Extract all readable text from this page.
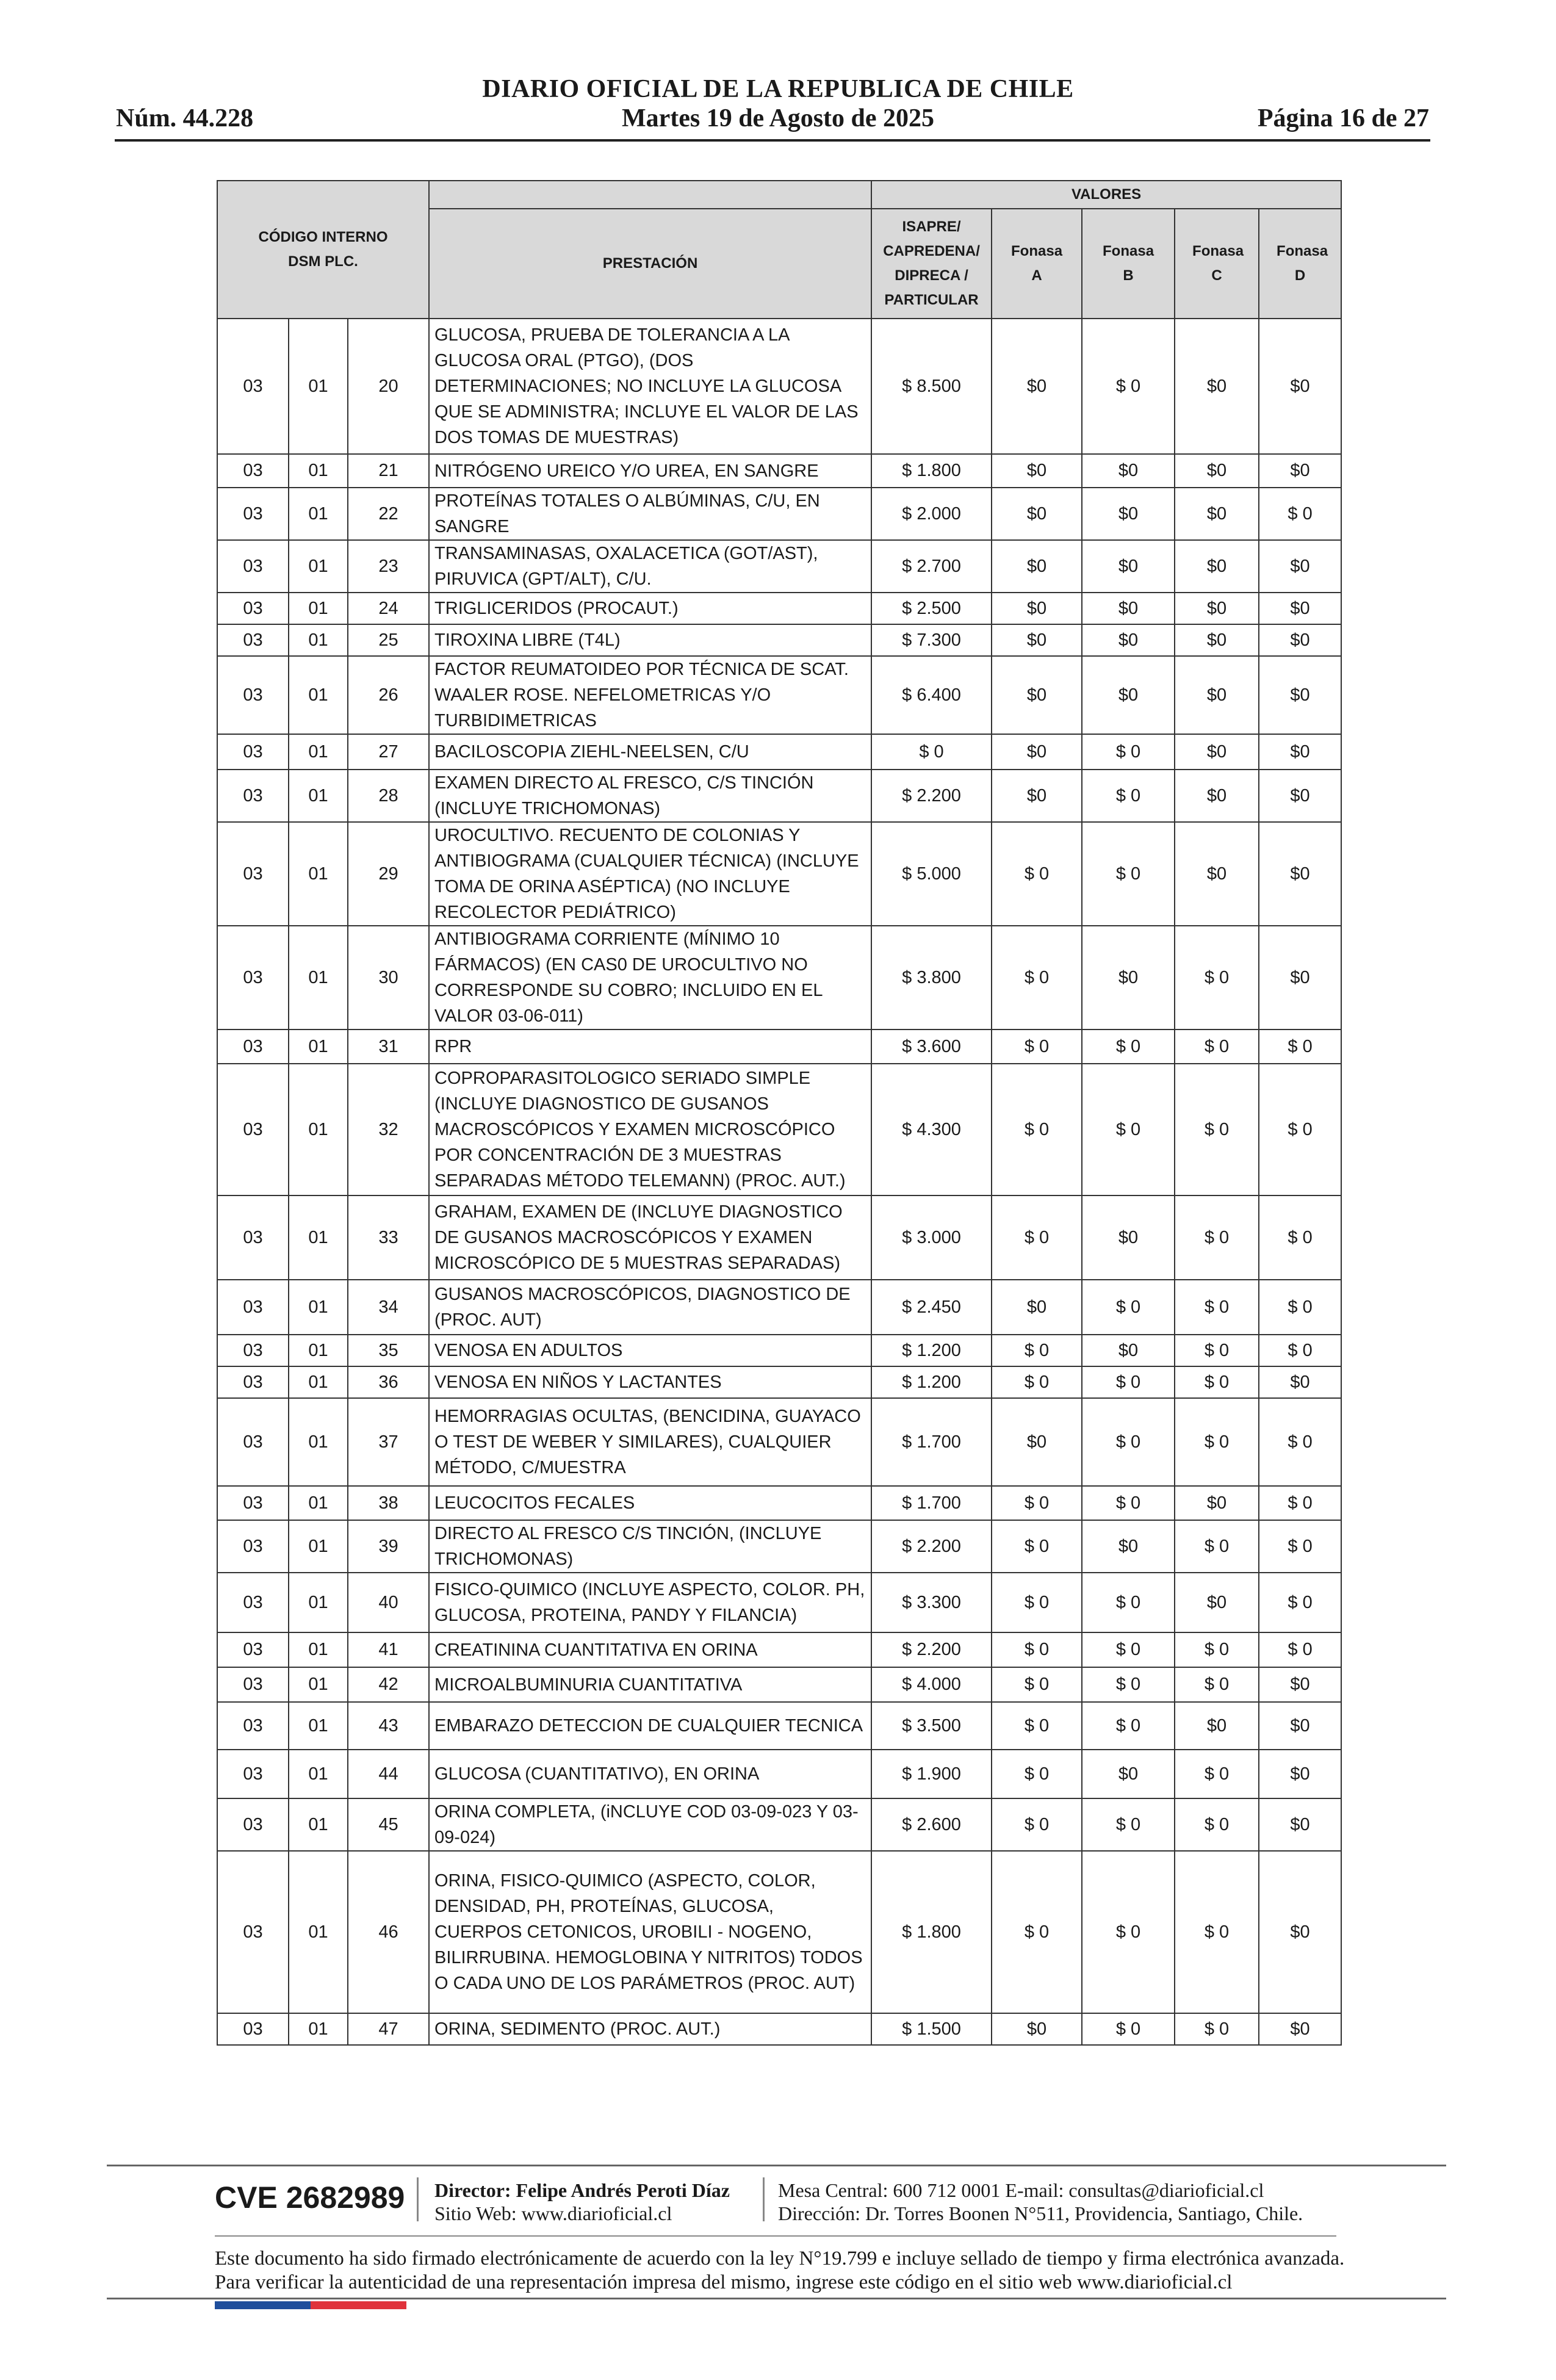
DIARIO OFICIAL DE LA REPUBLICA DE CHILE
Núm. 44.228	Martes 19 de Agosto de 2025	Página 16 de 27
CÓDIGO INTERNO DSM PLC.				VALORES				
			PRESTACIÓN	ISAPRE/ CAPREDENA/ DIPRECA / PARTICULAR	Fonasa A	Fonasa B	Fonasa C	Fonasa D
03	01	20	GLUCOSA, PRUEBA DE TOLERANCIA A LA GLUCOSA ORAL (PTGO), (DOS DETERMINACIONES; NO INCLUYE LA GLUCOSA QUE SE ADMINISTRA; INCLUYE EL VALOR DE LAS DOS TOMAS DE MUESTRAS)	$ 8.500	$0	$ 0	$0	$0
03	01	21	NITRÓGENO UREICO Y/O UREA, EN SANGRE	$ 1.800	$0	$0	$0	$0
03	01	22	PROTEÍNAS TOTALES O ALBÚMINAS, C/U, EN SANGRE	$ 2.000	$0	$0	$0	$ 0
03	01	23	TRANSAMINASAS, OXALACETICA (GOT/AST), PIRUVICA (GPT/ALT), C/U.	$ 2.700	$0	$0	$0	$0
03	01	24	TRIGLICERIDOS (PROCAUT.)	$ 2.500	$0	$0	$0	$0
03	01	25	TIROXINA LIBRE (T4L)	$ 7.300	$0	$0	$0	$0
03	01	26	FACTOR REUMATOIDEO POR TÉCNICA DE SCAT. WAALER ROSE. NEFELOMETRICAS Y/O TURBIDIMETRICAS	$ 6.400	$0	$0	$0	$0
03	01	27	BACILOSCOPIA ZIEHL-NEELSEN, C/U	$ 0	$0	$ 0	$0	$0
03	01	28	EXAMEN DIRECTO AL FRESCO, C/S TINCIÓN (INCLUYE TRICHOMONAS)	$ 2.200	$0	$ 0	$0	$0
03	01	29	UROCULTIVO. RECUENTO DE COLONIAS Y ANTIBIOGRAMA (CUALQUIER TÉCNICA) (INCLUYE TOMA DE ORINA ASÉPTICA) (NO INCLUYE RECOLECTOR PEDIÁTRICO)	$ 5.000	$ 0	$ 0	$0	$0
03	01	30	ANTIBIOGRAMA CORRIENTE (MÍNIMO 10 FÁRMACOS) (EN CAS0 DE UROCULTIVO NO CORRESPONDE SU COBRO; INCLUIDO EN EL VALOR 03-06-011)	$ 3.800	$ 0	$0	$ 0	$0
03	01	31	RPR	$ 3.600	$ 0	$ 0	$ 0	$ 0
03	01	32	COPROPARASITOLOGICO SERIADO SIMPLE (INCLUYE DIAGNOSTICO DE GUSANOS MACROSCÓPICOS Y EXAMEN MICROSCÓPICO POR CONCENTRACIÓN DE 3 MUESTRAS SEPARADAS MÉTODO TELEMANN) (PROC. AUT.)	$ 4.300	$ 0	$ 0	$ 0	$ 0
03	01	33	GRAHAM, EXAMEN DE (INCLUYE DIAGNOSTICO DE GUSANOS MACROSCÓPICOS Y EXAMEN MICROSCÓPICO DE 5 MUESTRAS SEPARADAS)	$ 3.000	$ 0	$0	$ 0	$ 0
03	01	34	GUSANOS MACROSCÓPICOS, DIAGNOSTICO DE (PROC. AUT)	$ 2.450	$0	$ 0	$ 0	$ 0
03	01	35	VENOSA EN ADULTOS	$ 1.200	$ 0	$0	$ 0	$ 0
03	01	36	VENOSA EN NIÑOS Y LACTANTES	$ 1.200	$ 0	$ 0	$ 0	$0
03	01	37	HEMORRAGIAS OCULTAS, (BENCIDINA, GUAYACO O TEST DE WEBER Y SIMILARES), CUALQUIER MÉTODO, C/MUESTRA	$ 1.700	$0	$ 0	$ 0	$ 0
03	01	38	LEUCOCITOS FECALES	$ 1.700	$ 0	$ 0	$0	$ 0
03	01	39	DIRECTO AL FRESCO C/S TINCIÓN, (INCLUYE TRICHOMONAS)	$ 2.200	$ 0	$0	$ 0	$ 0
03	01	40	FISICO-QUIMICO (INCLUYE ASPECTO, COLOR. PH, GLUCOSA, PROTEINA, PANDY Y FILANCIA)	$ 3.300	$ 0	$ 0	$0	$ 0
03	01	41	CREATININA CUANTITATIVA EN ORINA	$ 2.200	$ 0	$ 0	$ 0	$ 0
03	01	42	MICROALBUMINURIA CUANTITATIVA	$ 4.000	$ 0	$ 0	$ 0	$0
03	01	43	EMBARAZO DETECCION DE CUALQUIER TECNICA	$ 3.500	$ 0	$ 0	$0	$0
03	01	44	GLUCOSA (CUANTITATIVO), EN ORINA	$ 1.900	$ 0	$0	$ 0	$0
03	01	45	ORINA COMPLETA, (iNCLUYE COD 03-09-023 Y 03-09-024)	$ 2.600	$ 0	$ 0	$ 0	$0
03	01	46	ORINA, FISICO-QUIMICO (ASPECTO, COLOR, DENSIDAD, PH, PROTEÍNAS, GLUCOSA, CUERPOS CETONICOS, UROBILI - NOGENO, BILIRRUBINA. HEMOGLOBINA Y NITRITOS) TODOS O CADA UNO DE LOS PARÁMETROS (PROC. AUT)	$ 1.800	$ 0	$ 0	$ 0	$0
03	01	47	ORINA, SEDIMENTO (PROC. AUT.)	$ 1.500	$0	$ 0	$ 0	$0
CVE 2682989 Director: Felipe Andrés Peroti Díaz
Sitio Web: www.diarioficial.cl
Mesa Central: 600 712 0001 E-mail: consultas@diarioficial.cl
Dirección: Dr. Torres Boonen N°511, Providencia, Santiago, Chile.
Este documento ha sido firmado electrónicamente de acuerdo con la ley N°19.799 e incluye sellado de tiempo y firma electrónica avanzada. Para verificar la autenticidad de una representación impresa del mismo, ingrese este código en el sitio web www.diarioficial.cl
